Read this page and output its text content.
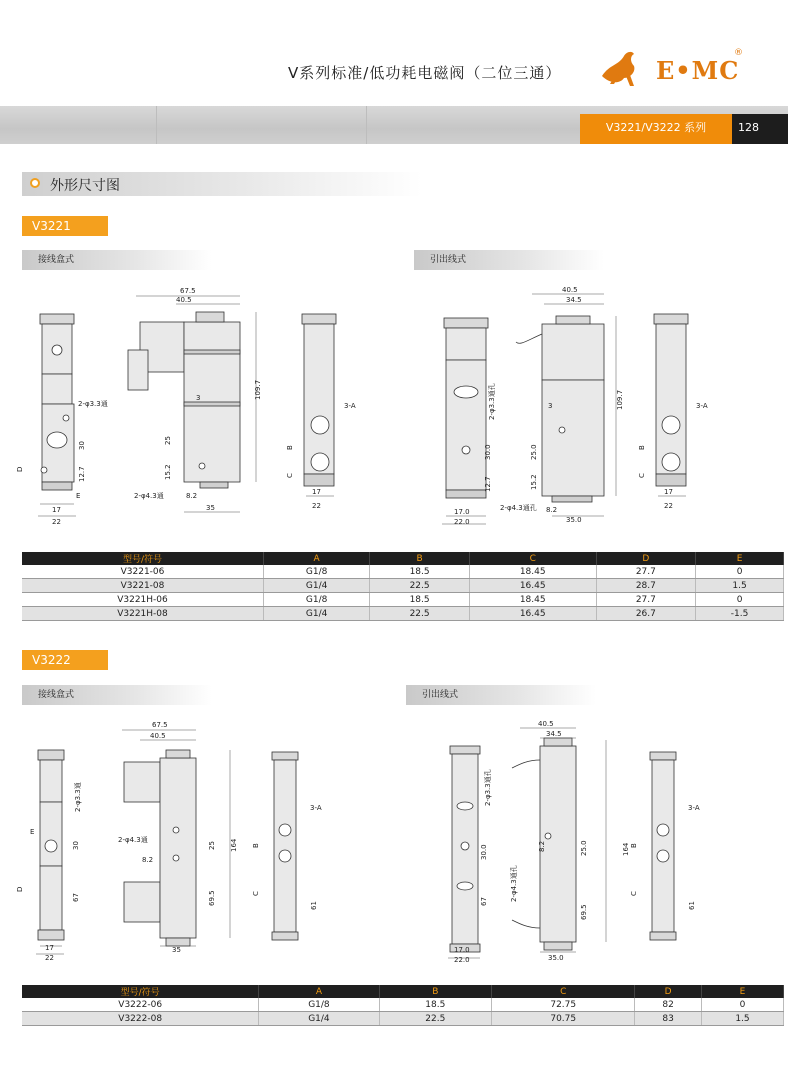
V系列标准/低功耗电磁阀（二位三通）	E•MC
®
V3221/V3222 系列	128
外形尺寸图
V3221
接线盒式	引出线式
67.5
40.5
109.7
3
25
15.2
8.2
35
2-φ3.3通
2-φ4.3通
30
12.7
17
22
D
E
B
C
3-A
17
22
40.5
34.5
109.7
3
25.0
15.2
8.2
35.0
2-φ3.3通孔
2-φ4.3通孔
30.0
12.7
17.0
22.0
17
22
B
C
3-A
型号/符号	A	B	C	D	E
V3221-06	G1/8	18.5	18.45	27.7	0
V3221-08	G1/4	22.5	16.45	28.7	1.5
V3221H-06	G1/8	18.5	18.45	27.7	0
V3221H-08	G1/4	22.5	16.45	26.7	-1.5
V3222
接线盒式	引出线式
67.5
40.5
164
25
69.5
8.2
35
2-φ3.3通
2-φ4.3通
30
67
61
17
22
D
E
B
C
3-A
40.5
34.5
164
25.0
69.5
35.0
8.2
2-φ3.3通孔
2-φ4.3通孔
30.0
67
17.0
22.0
61
B
C
3-A
型号/符号	A	B	C	D	E
V3222-06	G1/8	18.5	72.75	82	0
V3222-08	G1/4	22.5	70.75	83	1.5
